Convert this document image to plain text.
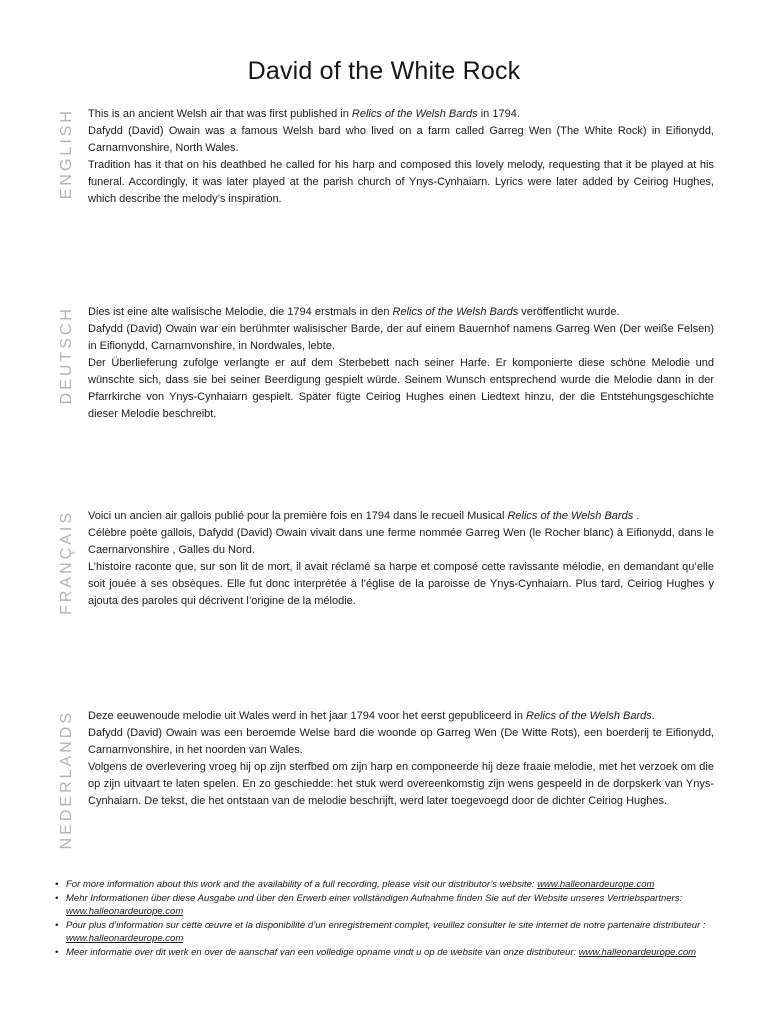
David of the White Rock
ENGLISH This is an ancient Welsh air that was first published in Relics of the Welsh Bards in 1794.

Dafydd (David) Owain was a famous Welsh bard who lived on a farm called Garreg Wen (The White Rock) in Eifionydd, Carnarnvonshire, North Wales.

Tradition has it that on his deathbed he called for his harp and composed this lovely melody, requesting that it be played at his funeral. Accordingly, it was later played at the parish church of Ynys-Cynhaiarn. Lyrics were later added by Ceiriog Hughes, which describe the melody’s inspiration.

DEUTSCH Dies ist eine alte walisische Melodie, die 1794 erstmals in den Relics of the Welsh Bards veröffentlicht wurde.

Dafydd (David) Owain war ein berühmter walisischer Barde, der auf einem Bauernhof namens Garreg Wen (Der weiße Felsen) in Eifionydd, Carnarnvonshire, in Nordwales, lebte.

Der Überlieferung zufolge verlangte er auf dem Sterbebett nach seiner Harfe. Er komponierte diese schöne Melodie und wünschte sich, dass sie bei seiner Beerdigung gespielt würde. Seinem Wunsch entsprechend wurde die Melodie dann in der Pfarrkirche von Ynys-Cynhaiarn gespielt. Später fügte Ceiriog Hughes einen Liedtext hinzu, der die Entstehungsgeschichte dieser Melodie beschreibt.

FRANÇAIS Voici un ancien air gallois publié pour la première fois en 1794 dans le recueil Musical Relics of the Welsh Bards .

Célèbre poète gallois, Dafydd (David) Owain vivait dans une ferme nommée Garreg Wen (le Rocher blanc) à Eifionydd, dans le Caernarvonshire , Galles du Nord.

L’histoire raconte que, sur son lit de mort, il avait réclamé sa harpe et composé cette ravissante mélodie, en demandant qu’elle soit jouée à ses obsèques. Elle fut donc interprétée à l’église de la paroisse de Ynys-Cynhaiarn. Plus tard, Ceiriog Hughes y ajouta des paroles qui décrivent l’origine de la mélodie.

NEDERLANDS Deze eeuwenoude melodie uit Wales werd in het jaar 1794 voor het eerst gepubliceerd in Relics of the Welsh Bards.

Dafydd (David) Owain was een beroemde Welse bard die woonde op Garreg Wen (De Witte Rots), een boerderij te Eifionydd, Carnarnvonshire, in het noorden van Wales.

Volgens de overlevering vroeg hij op zijn sterfbed om zijn harp en componeerde hij deze fraaie melodie, met het verzoek om die op zijn uitvaart te laten spelen. En zo geschiedde: het stuk werd overeenkomstig zijn wens gespeeld in de dorpskerk van Ynys-Cynhaiarn. De tekst, die het ontstaan van de melodie beschrijft, werd later toegevoegd door de dichter Ceiriog Hughes.

• For more information about this work and the availability of a full recording, please visit our distributor’s website: www.halleonardeurope.com
• Mehr Informationen über diese Ausgabe und über den Erwerb einer vollständigen Aufnahme finden Sie auf der Website unseres Vertriebspartners: www.halleonardeurope.com
• Pour plus d’information sur cette œuvre et la disponibilité d’un enregistrement complet, veuillez consulter le site internet de notre partenaire distributeur : www.halleonardeurope.com
• Meer informatie over dit werk en over de aanschaf van een volledige opname vindt u op de website van onze distributeur: www.halleonardeurope.com
